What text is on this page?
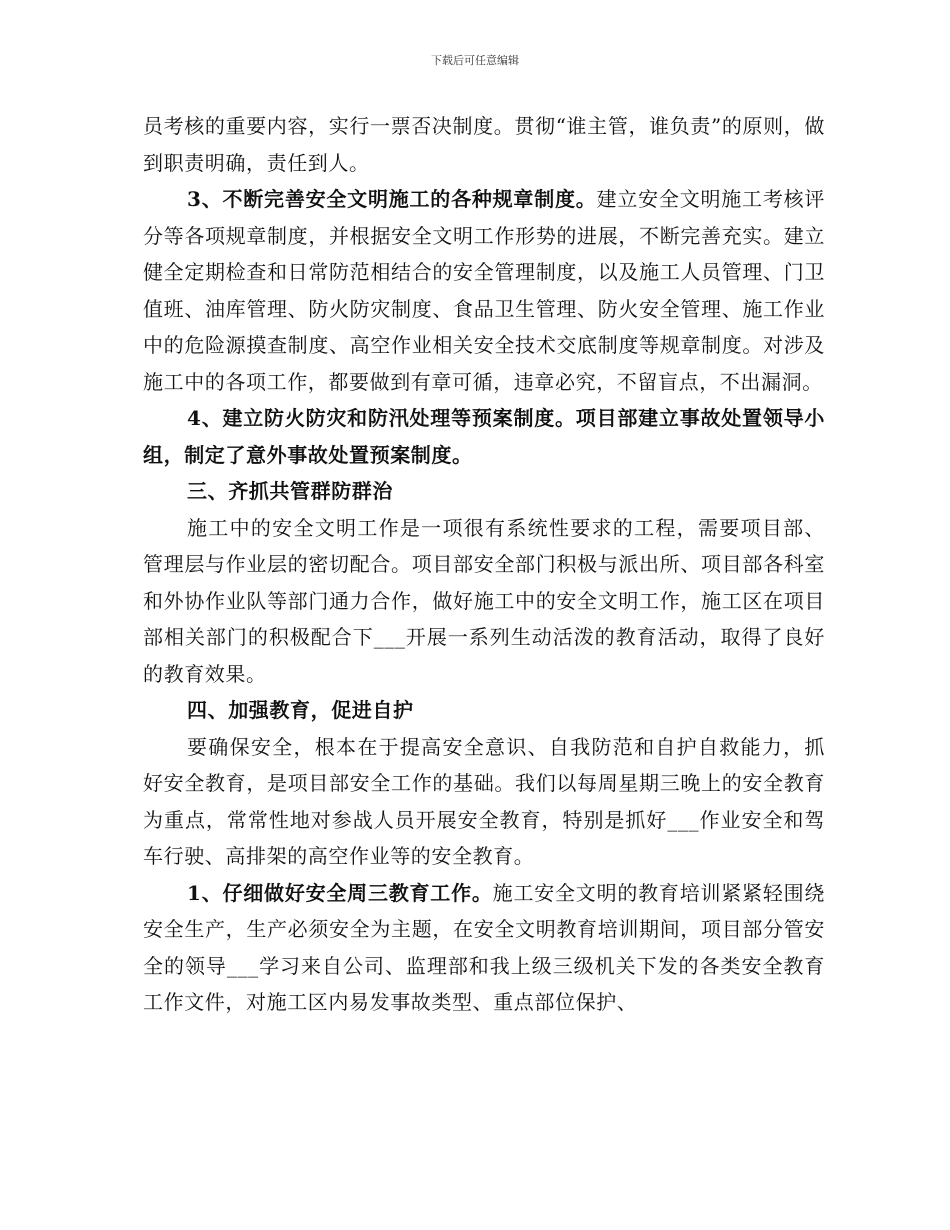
下载后可任意编辑

员考核的重要内容，实行一票否决制度。贯彻“谁主管，谁负责”的原则，做到职责明确，责任到人。

3、不断完善安全文明施工的各种规章制度。建立安全文明施工考核评分等各项规章制度，并根据安全文明工作形势的进展，不断完善充实。建立健全定期检查和日常防范相结合的安全管理制度，以及施工人员管理、门卫值班、油库管理、防火防灾制度、食品卫生管理、防火安全管理、施工作业中的危险源摸查制度、高空作业相关安全技术交底制度等规章制度。对涉及施工中的各项工作，都要做到有章可循，违章必究，不留盲点，不出漏洞。

4、建立防火防灾和防汛处理等预案制度。项目部建立事故处置领导小组，制定了意外事故处置预案制度。

三、齐抓共管群防群治

施工中的安全文明工作是一项很有系统性要求的工程，需要项目部、管理层与作业层的密切配合。项目部安全部门积极与派出所、项目部各科室和外协作业队等部门通力合作，做好施工中的安全文明工作，施工区在项目部相关部门的积极配合下___开展一系列生动活泼的教育活动，取得了良好的教育效果。

四、加强教育，促进自护

要确保安全，根本在于提高安全意识、自我防范和自护自救能力，抓好安全教育，是项目部安全工作的基础。我们以每周星期三晚上的安全教育为重点，常常性地对参战人员开展安全教育，特别是抓好___作业安全和驾车行驶、高排架的高空作业等的安全教育。

1、仔细做好安全周三教育工作。施工安全文明的教育培训紧紧轻围绕安全生产，生产必须安全为主题，在安全文明教育培训期间，项目部分管安全的领导___学习来自公司、监理部和我上级三级机关下发的各类安全教育工作文件，对施工区内易发事故类型、重点部位保护、
